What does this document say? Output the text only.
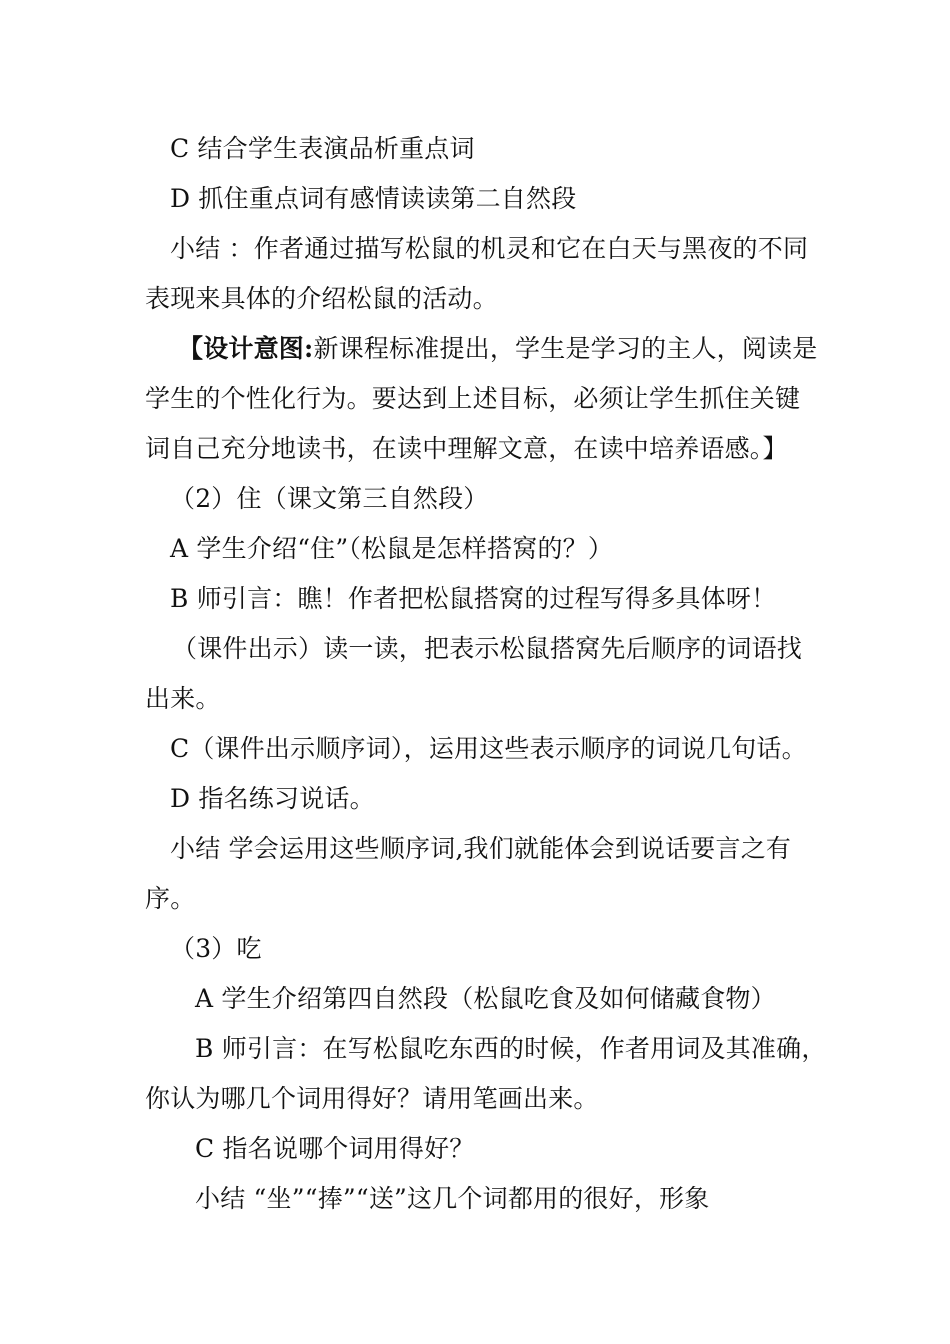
C 结合学生表演品析重点词
D 抓住重点词有感情读读第二自然段
小结 ：作者通过描写松鼠的机灵和它在白天与黑夜的不同
表现来具体的介绍松鼠的活动。
【设计意图:新课程标准提出，学生是学习的主人，阅读是
学生的个性化行为。要达到上述目标，必须让学生抓住关键
词自己充分地读书，在读中理解文意，在读中培养语感。】
（2）住（课文第三自然段）
A 学生介绍“住”（松鼠是怎样搭窝的？）
B 师引言：瞧！作者把松鼠搭窝的过程写得多具体呀！
（课件出示）读一读，把表示松鼠搭窝先后顺序的词语找
出来。
C（课件出示顺序词），运用这些表示顺序的词说几句话。
D 指名练习说话。
小结 学会运用这些顺序词,我们就能体会到说话要言之有
序。
（3）吃
A 学生介绍第四自然段（松鼠吃食及如何储藏食物）
B 师引言：在写松鼠吃东西的时候，作者用词及其准确，
你认为哪几个词用得好？请用笔画出来。
C 指名说哪个词用得好？
小结 “坐”“捧”“送”这几个词都用的很好，形象
